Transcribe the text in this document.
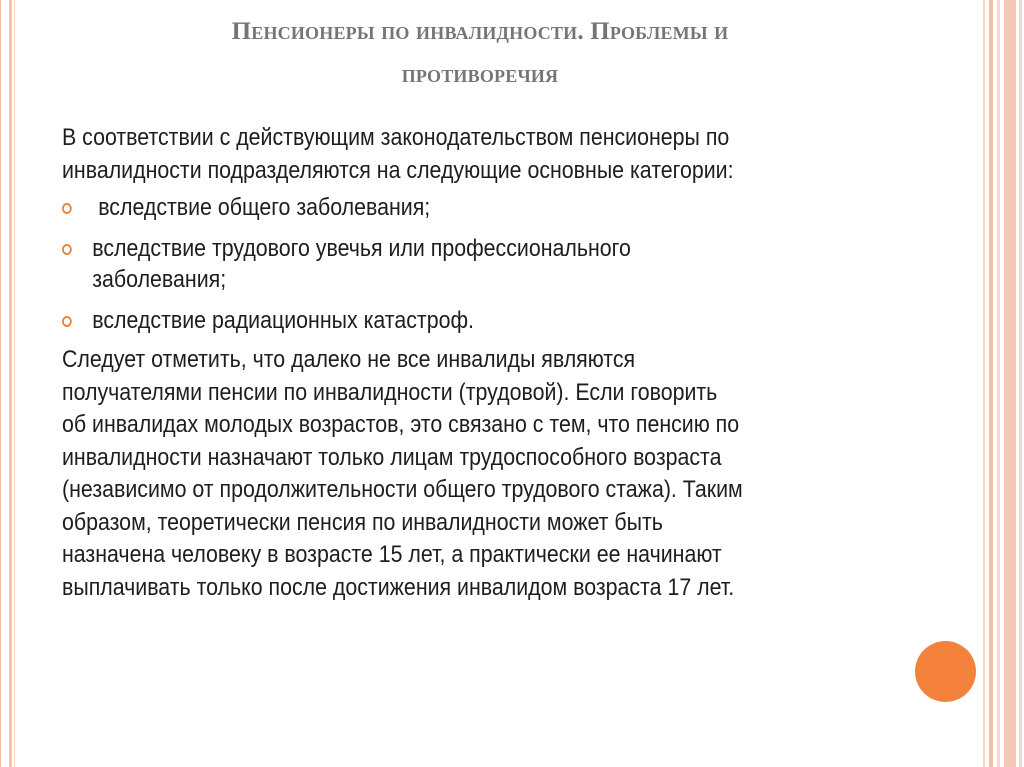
Пенсионеры по инвалидности. Проблемы и
противоречия

В соответствии с действующим законодательством пенсионеры по
инвалидности подразделяются на следующие основные категории:

вследствие общего заболевания;
вследствие трудового увечья или профессионального
заболевания;
вследствие радиационных катастроф.

Следует отметить, что далеко не все инвалиды являются
получателями пенсии по инвалидности (трудовой). Если говорить
об инвалидах молодых возрастов, это связано с тем, что пенсию по
инвалидности назначают только лицам трудоспособного возраста
(независимо от продолжительности общего трудового стажа). Таким
образом, теоретически пенсия по инвалидности может быть
назначена человеку в возрасте 15 лет, а практически ее начинают
выплачивать только после достижения инвалидом возраста 17 лет.
